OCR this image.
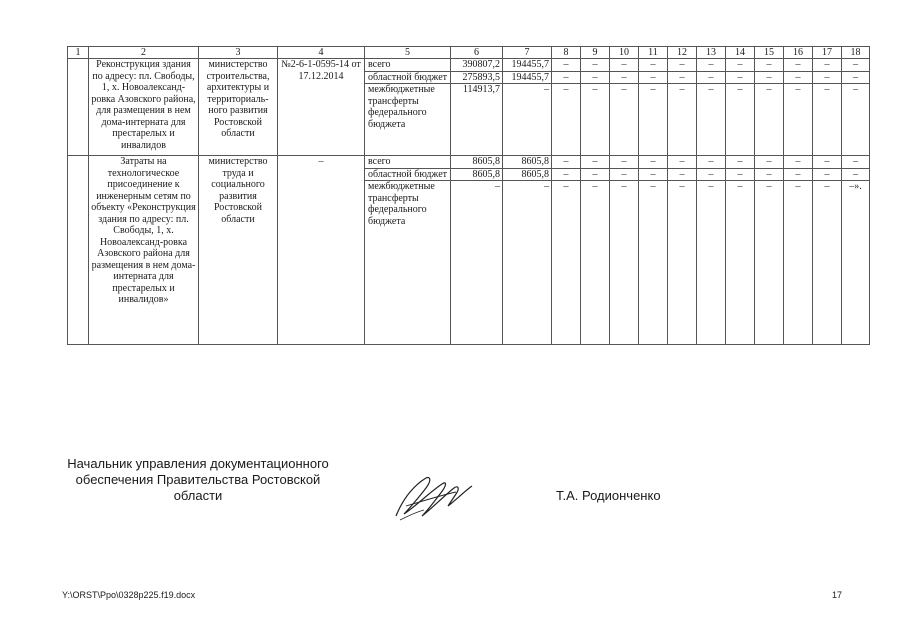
1	2	3	4	5	6	7	8	9	10	11	12	13	14	15	16	17	18
	Реконструкция здания по адресу: пл. Свободы, 1, х. Новоалександ-ровка Азовского района, для размещения в нем дома-интерната для престарелых и инвалидов	министерство строительства, архитектуры и территориаль-ного развития Ростовской области	№2-6-1-0595-14 от 17.12.2014	всего	390807,2	194455,7	–	–	–	–	–	–	–	–	–	–	–
				областной бюджет	275893,5	194455,7	–	–	–	–	–	–	–	–	–	–	–
				межбюджетные трансферты федерального бюджета	114913,7	–	–	–	–	–	–	–	–	–	–	–	–
	Затраты на технологическое присоединение к инженерным сетям по объекту «Реконструкция здания по адресу: пл. Свободы, 1, х. Новоалександ-ровка Азовского района для размещения в нем дома-интерната для престарелых и инвалидов»	министерство труда и социального развития Ростовской области	–	всего	8605,8	8605,8	–	–	–	–	–	–	–	–	–	–	–
				областной бюджет	8605,8	8605,8	–	–	–	–	–	–	–	–	–	–	–
				межбюджетные трансферты федерального бюджета	–	–	–	–	–	–	–	–	–	–	–	–	–».
Начальник управления документационного обеспечения Правительства Ростовской области	Т.А. Родионченко
Y:\ORST\Ppo\0328p225.f19.docx	17
